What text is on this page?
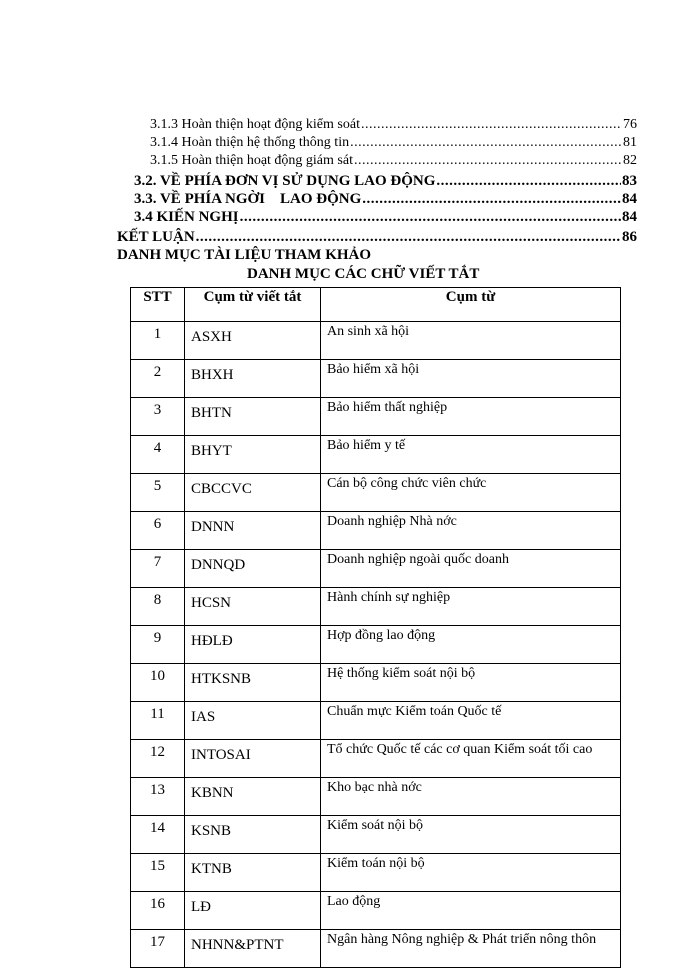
3.1.3 Hoàn thiện hoạt động kiểm soát .....	76
3.1.4 Hoàn thiện hệ thống thông tin .....	81
3.1.5 Hoàn thiện hoạt động giám sát .....	82
3.2. VỀ PHÍA ĐƠN VỊ SỬ DỤNG LAO ĐỘNG .....	83
3.3. VỀ PHÍA NGỜI    LAO ĐỘNG .....	84
3.4 KIẾN NGHỊ .....	84
KẾT LUẬN .....	86
DANH MỤC TÀI LIỆU THAM KHẢO
DANH MỤC CÁC CHỮ VIẾT TẮT
STT	Cụm từ viết tắt	Cụm từ
1	ASXH	An sinh xã hội
2	BHXH	Bảo hiểm xã hội
3	BHTN	Bảo hiểm thất nghiệp
4	BHYT	Bảo hiểm y tế
5	CBCCVC	Cán bộ công chức viên chức
6	DNNN	Doanh nghiệp Nhà nớc
7	DNNQD	Doanh nghiệp ngoài quốc doanh
8	HCSN	Hành chính sự nghiệp
9	HĐLĐ	Hợp đồng lao động
10	HTKSNB	Hệ thống kiểm soát nội bộ
11	IAS	Chuẩn mực Kiểm toán Quốc tế
12	INTOSAI	Tổ chức Quốc tế các cơ quan Kiểm soát tối cao
13	KBNN	Kho bạc nhà nớc
14	KSNB	Kiểm soát nội bộ
15	KTNB	Kiểm toán nội bộ
16	LĐ	Lao động
17	NHNN&PTNT	Ngân hàng Nông nghiệp & Phát triển nông thôn
